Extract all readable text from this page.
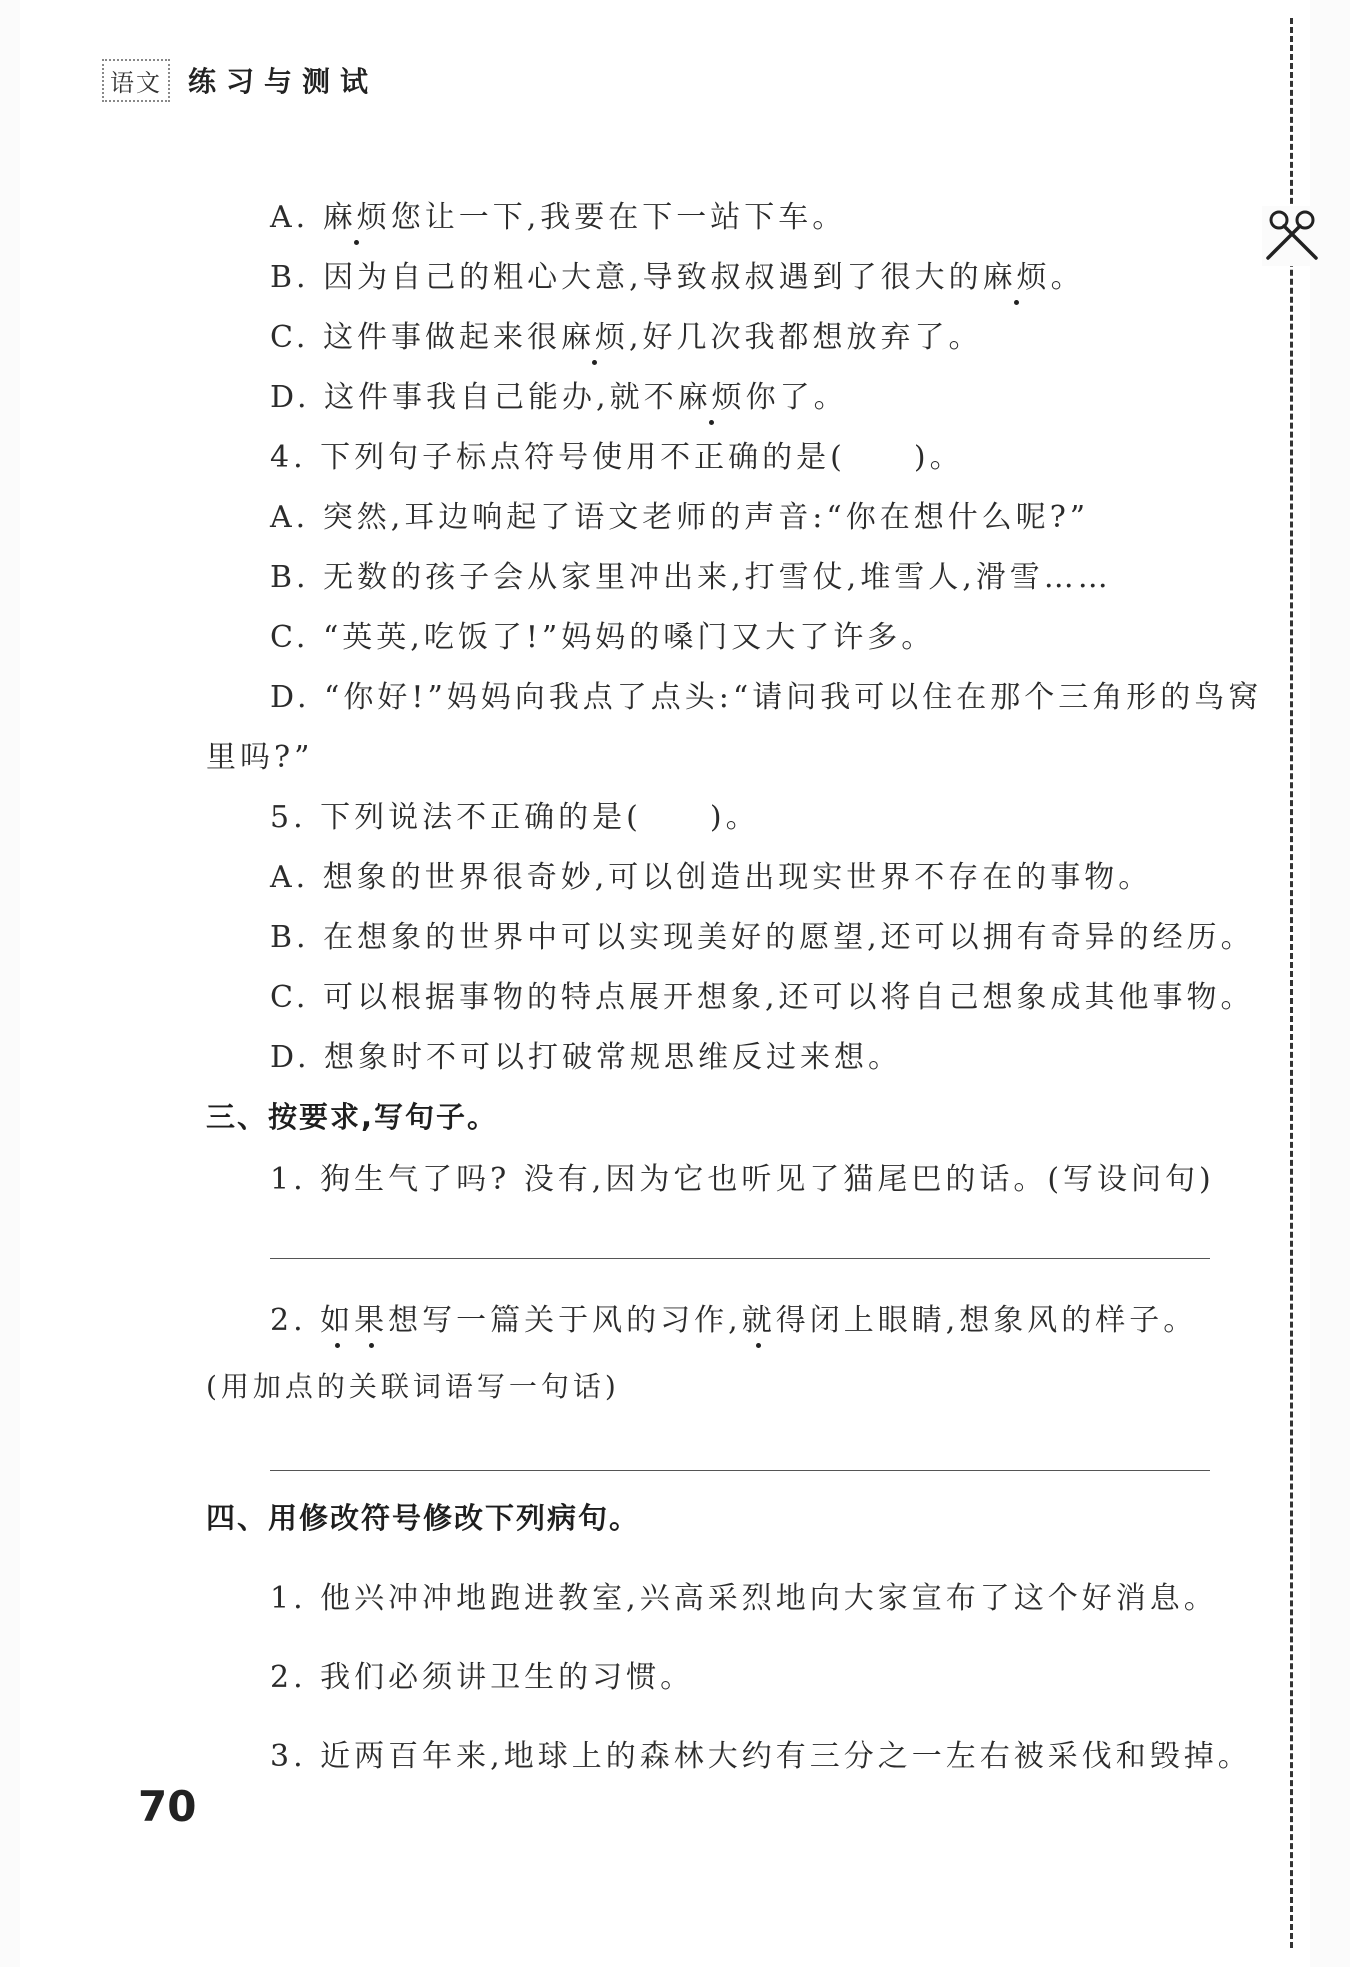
语文 练习与测试
A. 麻烦您让一下,我要在下一站下车。
B. 因为自己的粗心大意,导致叔叔遇到了很大的麻烦。
C. 这件事做起来很麻烦,好几次我都想放弃了。
D. 这件事我自己能办,就不麻烦你了。
4. 下列句子标点符号使用不正确的是(　　)。
A. 突然,耳边响起了语文老师的声音:“你在想什么呢?”
B. 无数的孩子会从家里冲出来,打雪仗,堆雪人,滑雪……
C. “英英,吃饭了!”妈妈的嗓门又大了许多。
D. “你好!”妈妈向我点了点头:“请问我可以住在那个三角形的鸟窝
里吗?”
5. 下列说法不正确的是(　　)。
A. 想象的世界很奇妙,可以创造出现实世界不存在的事物。
B. 在想象的世界中可以实现美好的愿望,还可以拥有奇异的经历。
C. 可以根据事物的特点展开想象,还可以将自己想象成其他事物。
D. 想象时不可以打破常规思维反过来想。
三、按要求,写句子。
1. 狗生气了吗? 没有,因为它也听见了猫尾巴的话。(写设问句)
2. 如果想写一篇关于风的习作,就得闭上眼睛,想象风的样子。
(用加点的关联词语写一句话)
四、用修改符号修改下列病句。
1. 他兴冲冲地跑进教室,兴高采烈地向大家宣布了这个好消息。
2. 我们必须讲卫生的习惯。
3. 近两百年来,地球上的森林大约有三分之一左右被采伐和毁掉。
70
